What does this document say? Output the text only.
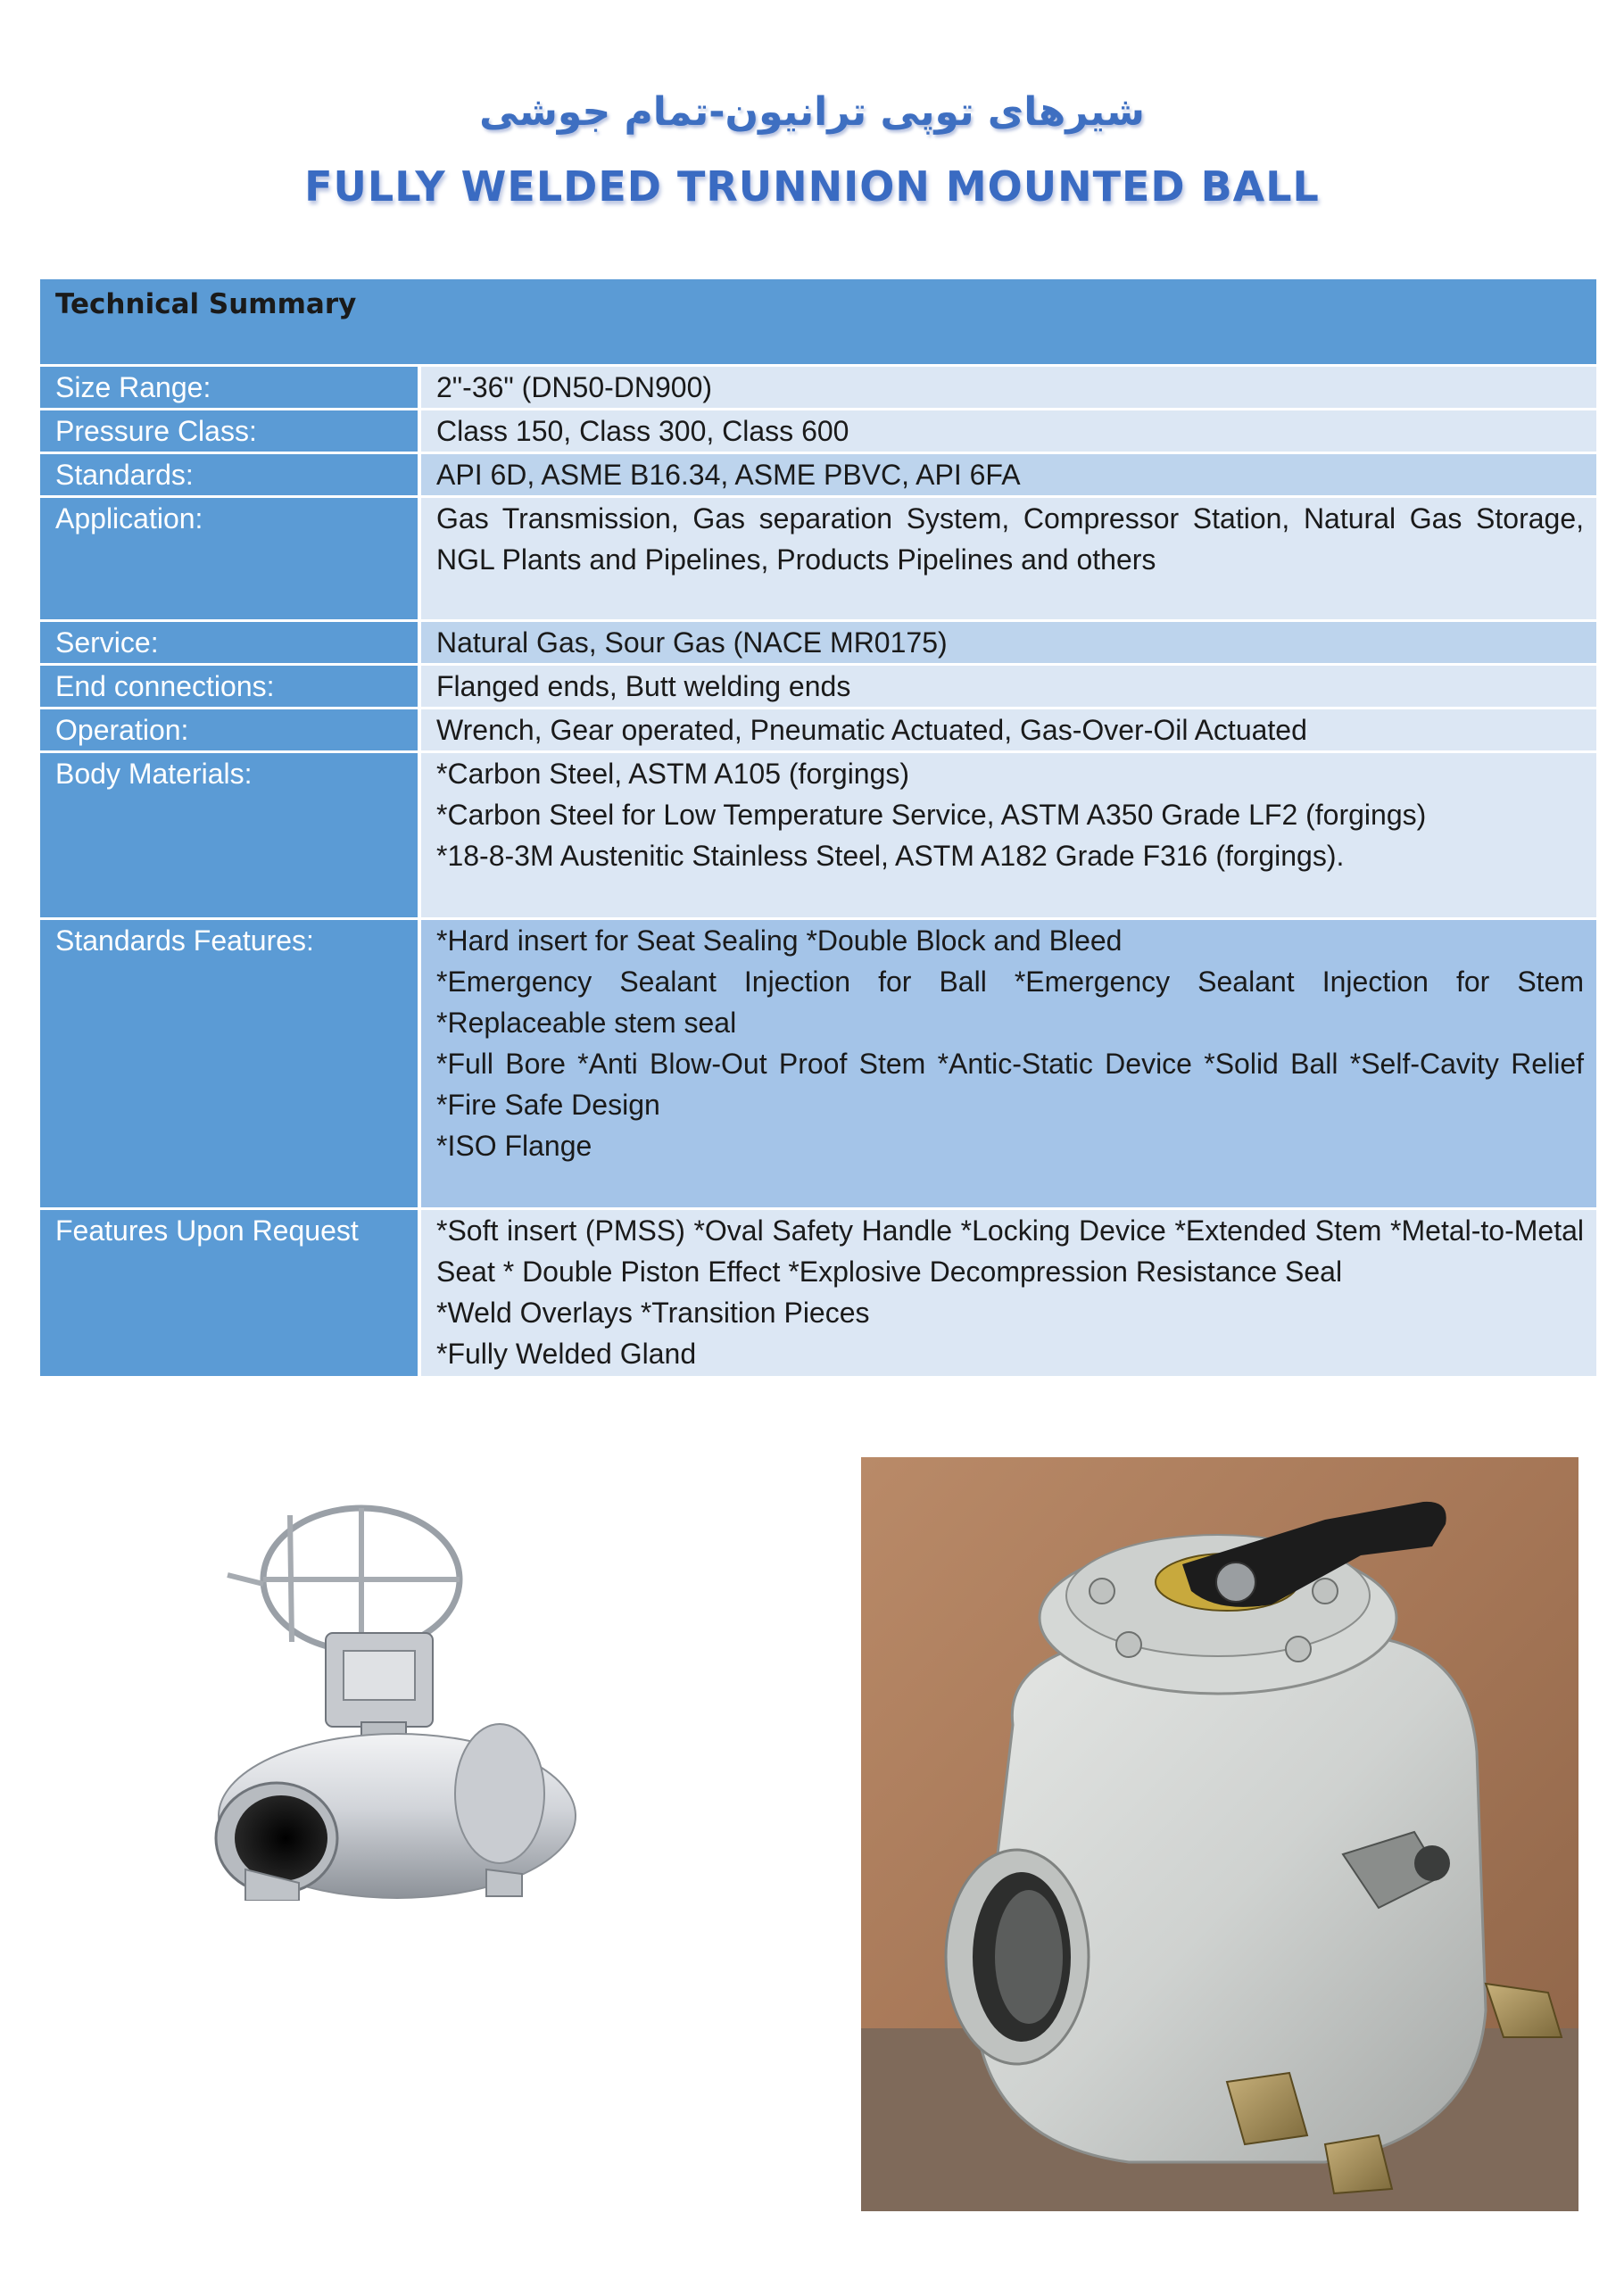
شیرهای توپی ترانیون-تمام جوشی
FULLY WELDED TRUNNION MOUNTED BALL
Technical Summary
Size Range:	2"-36" (DN50-DN900)
Pressure Class:	Class 150, Class 300, Class 600
Standards:	API 6D, ASME B16.34, ASME PBVC, API 6FA
Application:	Gas Transmission, Gas separation System, Compressor Station, Natural Gas Storage, NGL Plants and Pipelines, Products Pipelines and others
Service:	Natural Gas, Sour Gas (NACE MR0175)
End connections:	Flanged ends, Butt welding ends
Operation:	Wrench, Gear operated, Pneumatic Actuated, Gas-Over-Oil Actuated
Body Materials:	*Carbon Steel, ASTM A105 (forgings)
*Carbon Steel for Low Temperature Service, ASTM A350 Grade LF2 (forgings)
*18-8-3M Austenitic Stainless Steel, ASTM A182 Grade F316 (forgings).
Standards Features:	*Hard insert for Seat Sealing *Double Block and Bleed
*Emergency Sealant Injection for Ball *Emergency Sealant Injection for Stem *Replaceable stem seal
*Full Bore *Anti Blow-Out Proof Stem *Antic-Static Device *Solid Ball *Self-Cavity Relief *Fire Safe Design
*ISO Flange
Features Upon Request	*Soft insert (PMSS) *Oval Safety Handle *Locking Device *Extended Stem *Metal-to-Metal Seat * Double Piston Effect *Explosive Decompression Resistance Seal
*Weld Overlays *Transition Pieces
*Fully Welded Gland
